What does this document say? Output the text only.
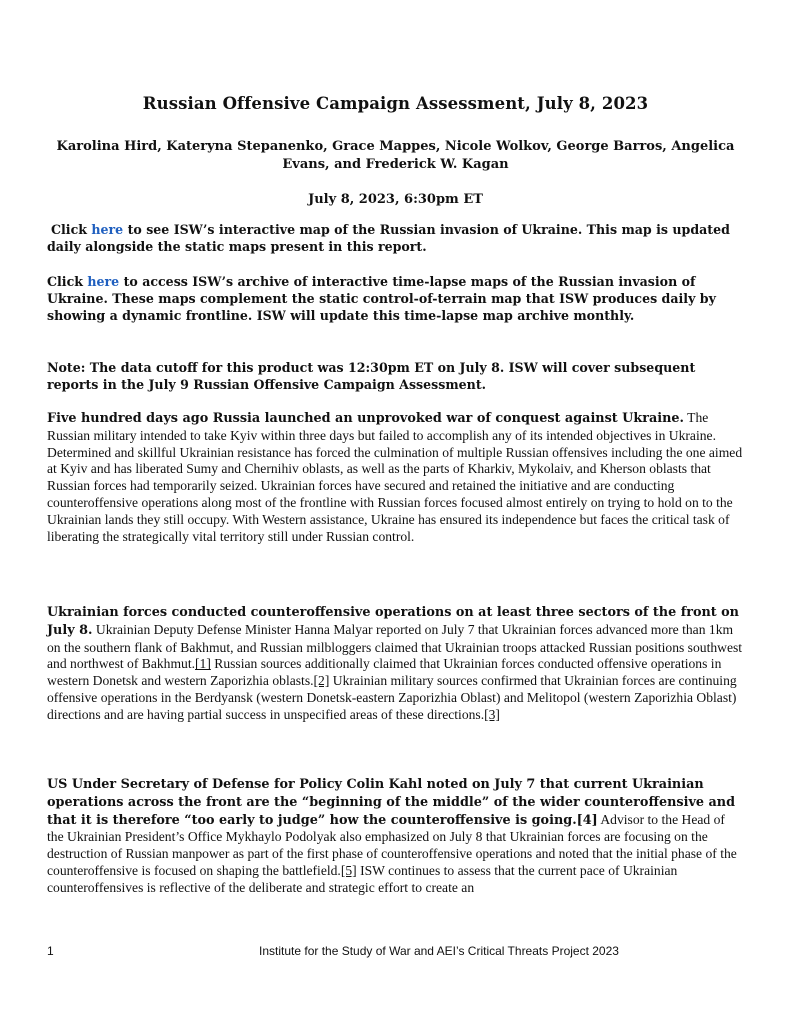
Russian Offensive Campaign Assessment, July 8, 2023
Karolina Hird, Kateryna Stepanenko, Grace Mappes, Nicole Wolkov, George Barros, Angelica Evans, and Frederick W. Kagan
July 8, 2023, 6:30pm ET

Click here to see ISW’s interactive map of the Russian invasion of Ukraine. This map is updated daily alongside the static maps present in this report.

Click here to access ISW’s archive of interactive time-lapse maps of the Russian invasion of Ukraine. These maps complement the static control-of-terrain map that ISW produces daily by showing a dynamic frontline. ISW will update this time-lapse map archive monthly.

Note: The data cutoff for this product was 12:30pm ET on July 8. ISW will cover subsequent reports in the July 9 Russian Offensive Campaign Assessment.

Five hundred days ago Russia launched an unprovoked war of conquest against Ukraine. The Russian military intended to take Kyiv within three days but failed to accomplish any of its intended objectives in Ukraine. Determined and skillful Ukrainian resistance has forced the culmination of multiple Russian offensives including the one aimed at Kyiv and has liberated Sumy and Chernihiv oblasts, as well as the parts of Kharkiv, Mykolaiv, and Kherson oblasts that Russian forces had temporarily seized. Ukrainian forces have secured and retained the initiative and are conducting counteroffensive operations along most of the frontline with Russian forces focused almost entirely on trying to hold on to the Ukrainian lands they still occupy. With Western assistance, Ukraine has ensured its independence but faces the critical task of liberating the strategically vital territory still under Russian control.

Ukrainian forces conducted counteroffensive operations on at least three sectors of the front on July 8. Ukrainian Deputy Defense Minister Hanna Malyar reported on July 7 that Ukrainian forces advanced more than 1km on the southern flank of Bakhmut, and Russian milbloggers claimed that Ukrainian troops attacked Russian positions southwest and northwest of Bakhmut.[1] Russian sources additionally claimed that Ukrainian forces conducted offensive operations in western Donetsk and western Zaporizhia oblasts.[2] Ukrainian military sources confirmed that Ukrainian forces are continuing offensive operations in the Berdyansk (western Donetsk-eastern Zaporizhia Oblast) and Melitopol (western Zaporizhia Oblast) directions and are having partial success in unspecified areas of these directions.[3]

US Under Secretary of Defense for Policy Colin Kahl noted on July 7 that current Ukrainian operations across the front are the “beginning of the middle” of the wider counteroffensive and that it is therefore “too early to judge” how the counteroffensive is going.[4] Advisor to the Head of the Ukrainian President’s Office Mykhaylo Podolyak also emphasized on July 8 that Ukrainian forces are focusing on the destruction of Russian manpower as part of the first phase of counteroffensive operations and noted that the initial phase of the counteroffensive is focused on shaping the battlefield.[5] ISW continues to assess that the current pace of Ukrainian counteroffensives is reflective of the deliberate and strategic effort to create an

1	Institute for the Study of War and AEI’s Critical Threats Project 2023
